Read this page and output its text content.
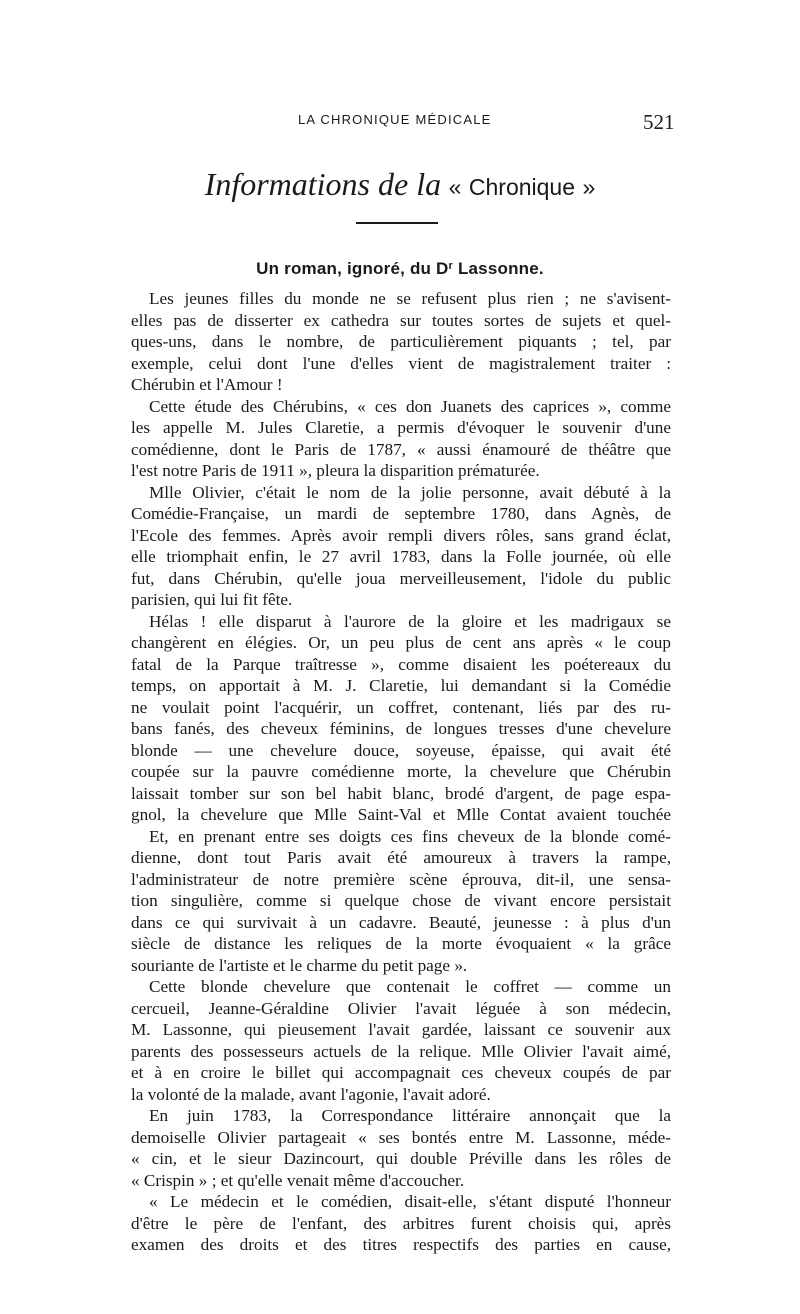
LA CHRONIQUE MÉDICALE	521
Informations de la « Chronique »
Un roman, ignoré, du $D^r$ Lassonne.
Les jeunes filles du monde ne se refusent plus rien ; ne s'avisent-
elles pas de disserter ex cathedra sur toutes sortes de sujets et quel-
ques-uns, dans le nombre, de particulièrement piquants ; tel, par
exemple, celui dont l'une d'elles vient de magistralement traiter :
Chérubin et l'Amour !
Cette étude des Chérubins, « ces don Juanets des caprices », comme
les appelle M. Jules Claretie, a permis d'évoquer le souvenir d'une
comédienne, dont le Paris de 1787, « aussi énamouré de théâtre que
l'est notre Paris de 1911 », pleura la disparition prématurée.
Mlle Olivier, c'était le nom de la jolie personne, avait débuté à la
Comédie-Française, un mardi de septembre 1780, dans Agnès, de
l'Ecole des femmes. Après avoir rempli divers rôles, sans grand éclat,
elle triomphait enfin, le 27 avril 1783, dans la Folle journée, où elle
fut, dans Chérubin, qu'elle joua merveilleusement, l'idole du public
parisien, qui lui fit fête.
Hélas ! elle disparut à l'aurore de la gloire et les madrigaux se
changèrent en élégies. Or, un peu plus de cent ans après « le coup
fatal de la Parque traîtresse », comme disaient les poétereaux du
temps, on apportait à M. J. Claretie, lui demandant si la Comédie
ne voulait point l'acquérir, un coffret, contenant, liés par des ru-
bans fanés, des cheveux féminins, de longues tresses d'une chevelure
blonde — une chevelure douce, soyeuse, épaisse, qui avait été
coupée sur la pauvre comédienne morte, la chevelure que Chérubin
laissait tomber sur son bel habit blanc, brodé d'argent, de page espa-
gnol, la chevelure que Mlle Saint-Val et Mlle Contat avaient touchée
Et, en prenant entre ses doigts ces fins cheveux de la blonde comé-
dienne, dont tout Paris avait été amoureux à travers la rampe,
l'administrateur de notre première scène éprouva, dit-il, une sensa-
tion singulière, comme si quelque chose de vivant encore persistait
dans ce qui survivait à un cadavre. Beauté, jeunesse : à plus d'un
siècle de distance les reliques de la morte évoquaient « la grâce
souriante de l'artiste et le charme du petit page ».
Cette blonde chevelure que contenait le coffret — comme un
cercueil, Jeanne-Géraldine Olivier l'avait léguée à son médecin,
M. Lassonne, qui pieusement l'avait gardée, laissant ce souvenir aux
parents des possesseurs actuels de la relique. Mlle Olivier l'avait aimé,
et à en croire le billet qui accompagnait ces cheveux coupés de par
la volonté de la malade, avant l'agonie, l'avait adoré.
En juin 1783, la Correspondance littéraire annonçait que la
demoiselle Olivier partageait « ses bontés entre M. Lassonne, méde-
« cin, et le sieur Dazincourt, qui double Préville dans les rôles de
« Crispin » ; et qu'elle venait même d'accoucher.
« Le médecin et le comédien, disait-elle, s'étant disputé l'honneur
d'être le père de l'enfant, des arbitres furent choisis qui, après
examen des droits et des titres respectifs des parties en cause,
